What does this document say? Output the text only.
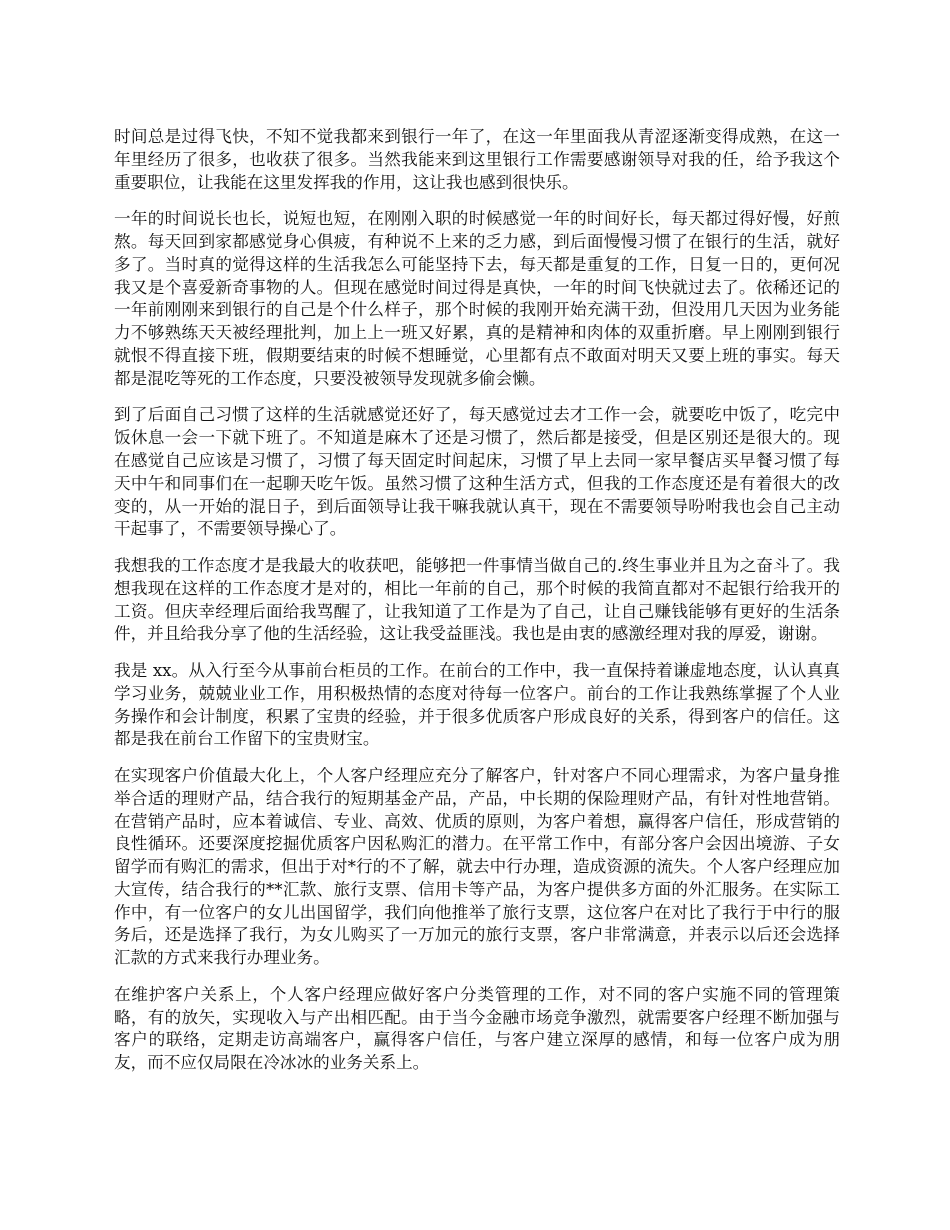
时间总是过得飞快，不知不觉我都来到银行一年了，在这一年里面我从青涩逐渐变得成熟，在这一年里经历了很多，也收获了很多。当然我能来到这里银行工作需要感谢领导对我的任，给予我这个重要职位，让我能在这里发挥我的作用，这让我也感到很快乐。

一年的时间说长也长，说短也短，在刚刚入职的时候感觉一年的时间好长，每天都过得好慢，好煎熬。每天回到家都感觉身心俱疲，有种说不上来的乏力感，到后面慢慢习惯了在银行的生活，就好多了。当时真的觉得这样的生活我怎么可能坚持下去，每天都是重复的工作，日复一日的，更何况我又是个喜爱新奇事物的人。但现在感觉时间过得是真快，一年的时间飞快就过去了。依稀还记的一年前刚刚来到银行的自己是个什么样子，那个时候的我刚开始充满干劲，但没用几天因为业务能力不够熟练天天被经理批判，加上上一班又好累，真的是精神和肉体的双重折磨。早上刚刚到银行就恨不得直接下班，假期要结束的时候不想睡觉，心里都有点不敢面对明天又要上班的事实。每天都是混吃等死的工作态度，只要没被领导发现就多偷会懒。

到了后面自己习惯了这样的生活就感觉还好了，每天感觉过去才工作一会，就要吃中饭了，吃完中饭休息一会一下就下班了。不知道是麻木了还是习惯了，然后都是接受，但是区别还是很大的。现在感觉自己应该是习惯了，习惯了每天固定时间起床，习惯了早上去同一家早餐店买早餐习惯了每天中午和同事们在一起聊天吃午饭。虽然习惯了这种生活方式，但我的工作态度还是有着很大的改变的，从一开始的混日子，到后面领导让我干嘛我就认真干，现在不需要领导吩咐我也会自己主动干起事了，不需要领导操心了。

我想我的工作态度才是我最大的收获吧，能够把一件事情当做自己的.终生事业并且为之奋斗了。我想我现在这样的工作态度才是对的，相比一年前的自己，那个时候的我简直都对不起银行给我开的工资。但庆幸经理后面给我骂醒了，让我知道了工作是为了自己，让自己赚钱能够有更好的生活条件，并且给我分享了他的生活经验，这让我受益匪浅。我也是由衷的感激经理对我的厚爱，谢谢。

我是 xx。从入行至今从事前台柜员的工作。在前台的工作中，我一直保持着谦虚地态度，认认真真学习业务，兢兢业业工作，用积极热情的态度对待每一位客户。前台的工作让我熟练掌握了个人业务操作和会计制度，积累了宝贵的经验，并于很多优质客户形成良好的关系，得到客户的信任。这都是我在前台工作留下的宝贵财宝。

在实现客户价值最大化上，个人客户经理应充分了解客户，针对客户不同心理需求，为客户量身推举合适的理财产品，结合我行的短期基金产品，产品，中长期的保险理财产品，有针对性地营销。在营销产品时，应本着诚信、专业、高效、优质的原则，为客户着想，赢得客户信任，形成营销的良性循环。还要深度挖掘优质客户因私购汇的潜力。在平常工作中，有部分客户会因出境游、子女留学而有购汇的需求，但出于对*行的不了解，就去中行办理，造成资源的流失。个人客户经理应加大宣传，结合我行的**汇款、旅行支票、信用卡等产品，为客户提供多方面的外汇服务。在实际工作中，有一位客户的女儿出国留学，我们向他推举了旅行支票，这位客户在对比了我行于中行的服务后，还是选择了我行，为女儿购买了一万加元的旅行支票，客户非常满意，并表示以后还会选择汇款的方式来我行办理业务。

在维护客户关系上，个人客户经理应做好客户分类管理的工作，对不同的客户实施不同的管理策略，有的放矢，实现收入与产出相匹配。由于当今金融市场竞争激烈，就需要客户经理不断加强与客户的联络，定期走访高端客户，赢得客户信任，与客户建立深厚的感情，和每一位客户成为朋友，而不应仅局限在冷冰冰的业务关系上。
